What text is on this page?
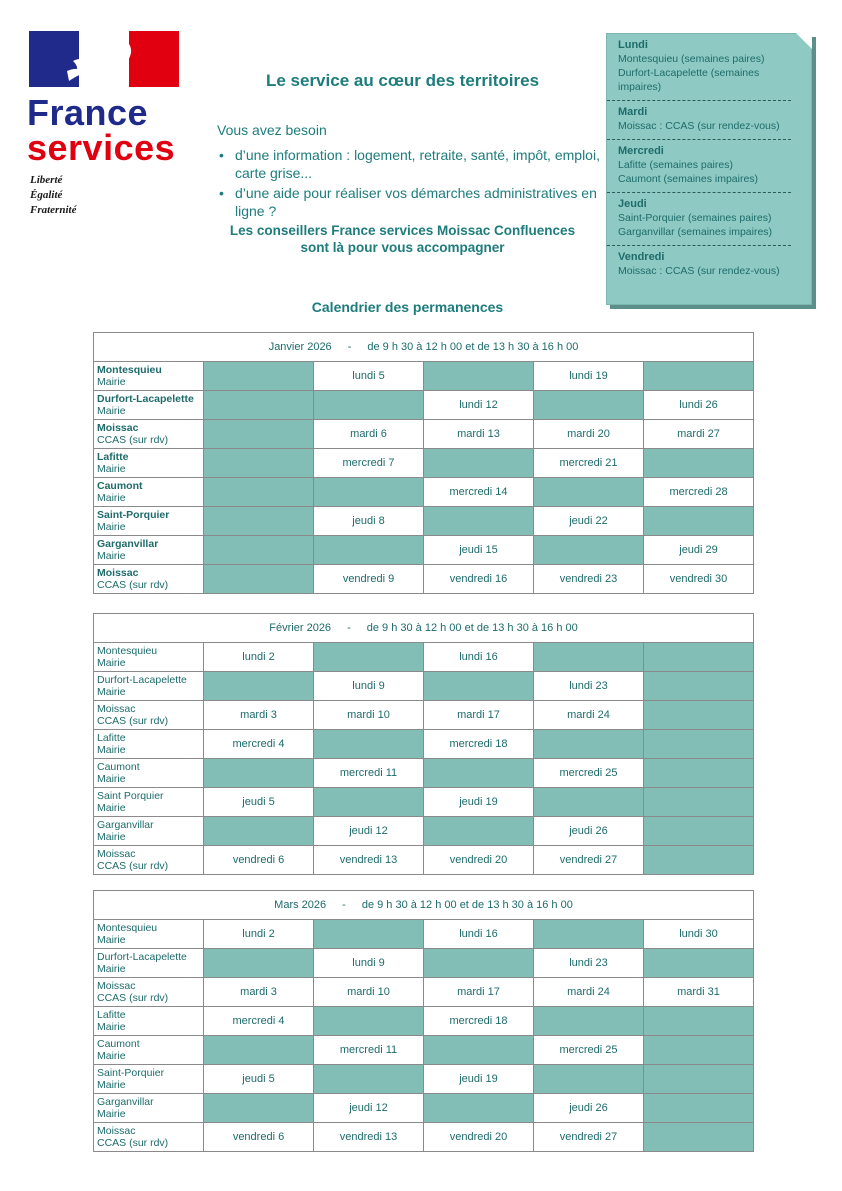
France
services
Liberté
Égalité
Fraternité
Le service au cœur des territoires
Vous avez besoin
• d’une information : logement, retraite, santé, impôt, emploi, carte grise...
• d’une aide pour réaliser vos démarches administratives en ligne ?
Les conseillers France services Moissac Confluences
sont là pour vous accompagner
Calendrier des permanences
Lundi
Montesquieu (semaines paires)
Durfort-Lacapelette (semaines impaires)
Mardi
Moissac : CCAS (sur rendez-vous)
Mercredi
Lafitte (semaines paires)
Caumont (semaines impaires)
Jeudi
Saint-Porquier (semaines paires)
Garganvillar (semaines impaires)
Vendredi
Moissac : CCAS (sur rendez-vous)
Janvier 2026 - de 9 h 30 à 12 h 00 et de 13 h 30 à 16 h 00					

Montesquieu
Mairie		lundi 5		lundi 19	

Durfort-Lacapelette
Mairie			lundi 12		lundi 26

Moissac
CCAS (sur rdv)		mardi 6	mardi 13	mardi 20	mardi 27

Lafitte
Mairie		mercredi 7		mercredi 21	

Caumont
Mairie			mercredi 14		mercredi 28

Saint-Porquier
Mairie		jeudi 8		jeudi 22	

Garganvillar
Mairie			jeudi 15		jeudi 29

Moissac
CCAS (sur rdv)		vendredi 9	vendredi 16	vendredi 23	vendredi 30
Février 2026 - de 9 h 30 à 12 h 00 et de 13 h 30 à 16 h 00					

Montesquieu
Mairie	lundi 2		lundi 16		

Durfort-Lacapelette
Mairie		lundi 9		lundi 23	

Moissac
CCAS (sur rdv)	mardi 3	mardi 10	mardi 17	mardi 24	

Lafitte
Mairie	mercredi 4		mercredi 18		

Caumont
Mairie		mercredi 11		mercredi 25	

Saint Porquier
Mairie	jeudi 5		jeudi 19		

Garganvillar
Mairie		jeudi 12		jeudi 26	

Moissac
CCAS (sur rdv)	vendredi 6	vendredi 13	vendredi 20	vendredi 27	
Mars 2026 - de 9 h 30 à 12 h 00 et de 13 h 30 à 16 h 00					

Montesquieu
Mairie	lundi 2		lundi 16		lundi 30

Durfort-Lacapelette
Mairie		lundi 9		lundi 23	

Moissac
CCAS (sur rdv)	mardi 3	mardi 10	mardi 17	mardi 24	mardi 31

Lafitte
Mairie	mercredi 4		mercredi 18		

Caumont
Mairie		mercredi 11		mercredi 25	

Saint-Porquier
Mairie	jeudi 5		jeudi 19		

Garganvillar
Mairie		jeudi 12		jeudi 26	

Moissac
CCAS (sur rdv)	vendredi 6	vendredi 13	vendredi 20	vendredi 27	
